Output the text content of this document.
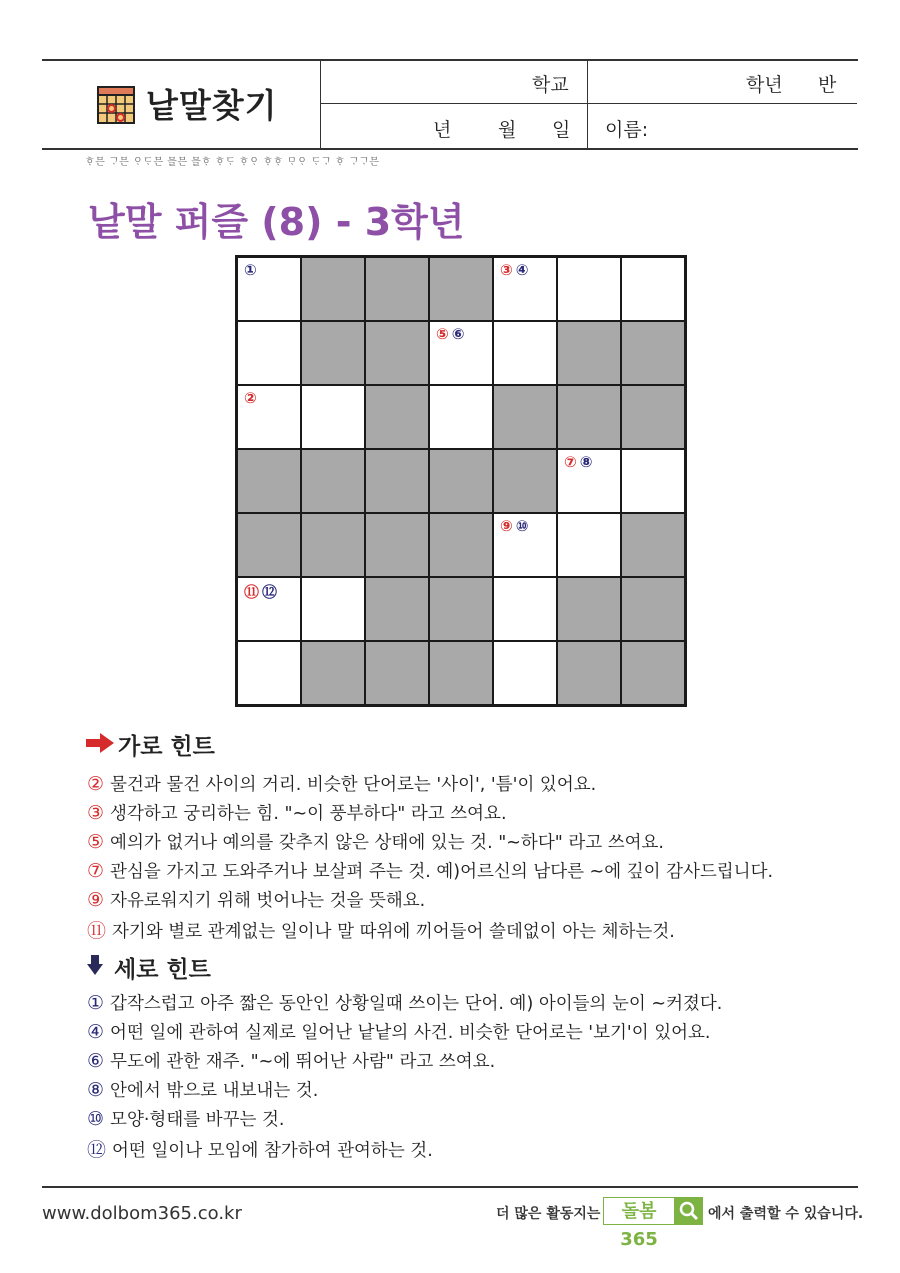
낱말찾기
학교	학년 반
년 월 일 이름:
ᄒᆞ믄 ᄀᆞ믄 ᄋᆞᄃᆞ믄 믈믄 믈ᄒᆞ ᄒᆞᄃᆞ ᄒᆞᄋᆞ ᄒᆞᄒᆞ ᄆᆞᄋᆞ ᄃᆞᄀᆞ ᄒᆞ ᄀᆞᄀᆞ믄
낱말 퍼즐 (8) - 3학년
①	③ ④
⑤ ⑥
②
⑦ ⑧
⑨ ⑩
⑪ ⑫
가로 힌트
② 물건과 물건 사이의 거리. 비슷한 단어로는 '사이', '틈'이 있어요.
③ 생각하고 궁리하는 힘. "~이 풍부하다" 라고 쓰여요.
⑤ 예의가 없거나 예의를 갖추지 않은 상태에 있는 것. "~하다" 라고 쓰여요.
⑦ 관심을 가지고 도와주거나 보살펴 주는 것. 예)어르신의 남다른 ~에 깊이 감사드립니다.
⑨ 자유로워지기 위해 벗어나는 것을 뜻해요.
⑪ 자기와 별로 관계없는 일이나 말 따위에 끼어들어 쓸데없이 아는 체하는것.
세로 힌트
① 갑작스럽고 아주 짧은 동안인 상황일때 쓰이는 단어. 예) 아이들의 눈이 ~커졌다.
④ 어떤 일에 관하여 실제로 일어난 낱낱의 사건. 비슷한 단어로는 '보기'이 있어요.
⑥ 무도에 관한 재주. "~에 뛰어난 사람" 라고 쓰여요.
⑧ 안에서 밖으로 내보내는 것.
⑩ 모양·형태를 바꾸는 것.
⑫ 어떤 일이나 모임에 참가하여 관여하는 것.
www.dolbom365.co.kr	더 많은 활동지는	돌봄365
에서 출력할 수 있습니다.
